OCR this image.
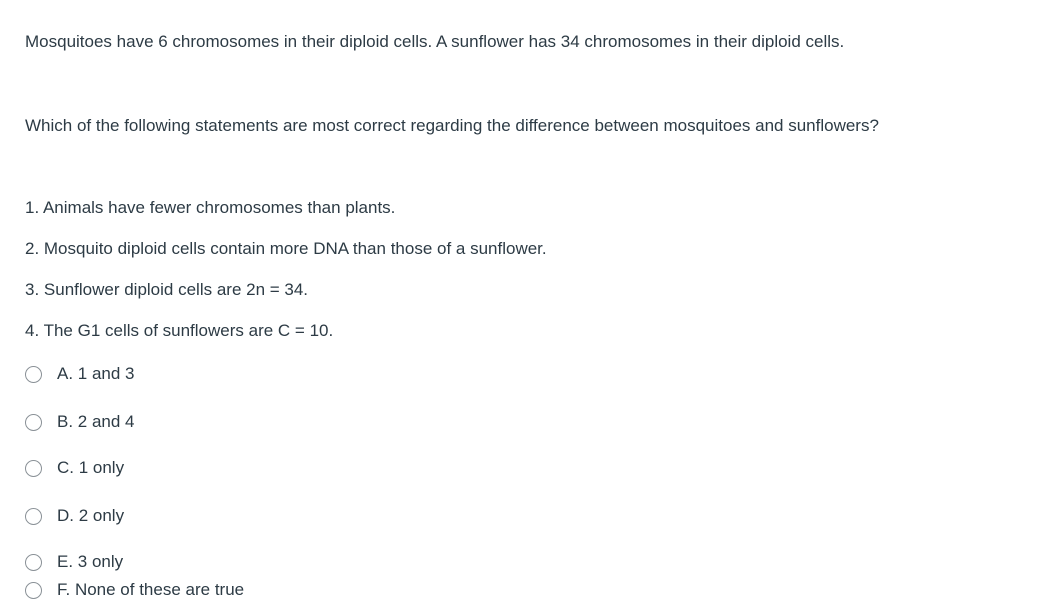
Mosquitoes have 6 chromosomes in their diploid cells. A sunflower has 34 chromosomes in their diploid cells.
Which of the following statements are most correct regarding the difference between mosquitoes and sunflowers?
1. Animals have fewer chromosomes than plants.
2. Mosquito diploid cells contain more DNA than those of a sunflower.
3. Sunflower diploid cells are 2n = 34.
4. The G1 cells of sunflowers are C = 10.
A. 1 and 3
B. 2 and 4
C. 1 only
D. 2 only
E. 3 only
F. None of these are true
